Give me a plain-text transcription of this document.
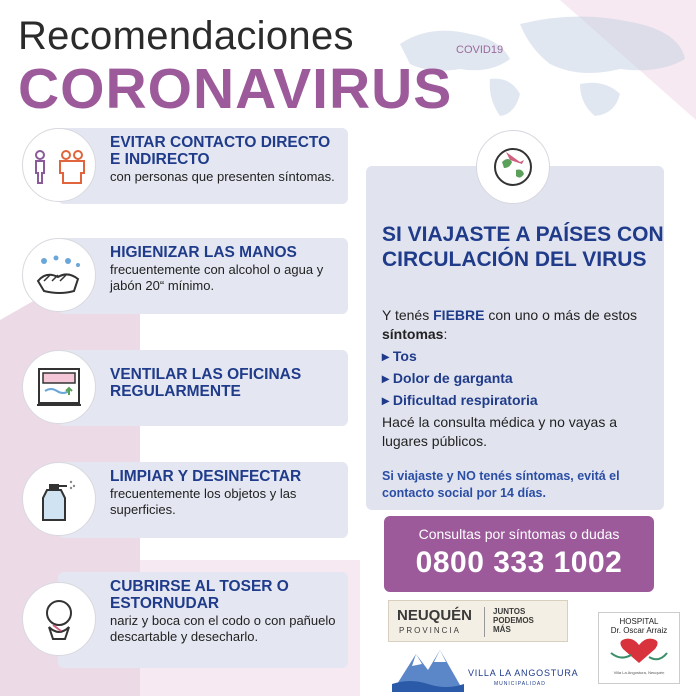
Recomendaciones	COVID19
CORONAVIRUS
EVITAR CONTACTO DIRECTO E INDIRECTO

con personas que presenten síntomas.

HIGIENIZAR LAS MANOS

frecuentemente con alcohol o agua y jabón 20“ mínimo.

VENTILAR LAS OFICINAS REGULARMENTE
LIMPIAR Y DESINFECTAR

frecuentemente los objetos y las superficies.

CUBRIRSE AL TOSER O ESTORNUDAR

nariz y boca con el codo o con pañuelo descartable y desecharlo.

SI VIAJASTE A PAÍSES CON CIRCULACIÓN DEL VIRUS
Y tenés FIEBRE con uno o más de estos síntomas:
▸ Tos
▸ Dolor de garganta
▸ Dificultad respiratoria
Hacé la consulta médica y no vayas a lugares públicos.
Si viajaste y NO tenés síntomas, evitá el contacto social por 14 días.
Consultas por síntomas o dudas
0800 333 1002
NEUQUÉN
PROVINCIA
JUNTOS
PODEMOS
MÁS
VILLA LA ANGOSTURA
MUNICIPALIDAD
HOSPITAL
Dr. Oscar Arraiz
Villa La Angostura, Neuquén
